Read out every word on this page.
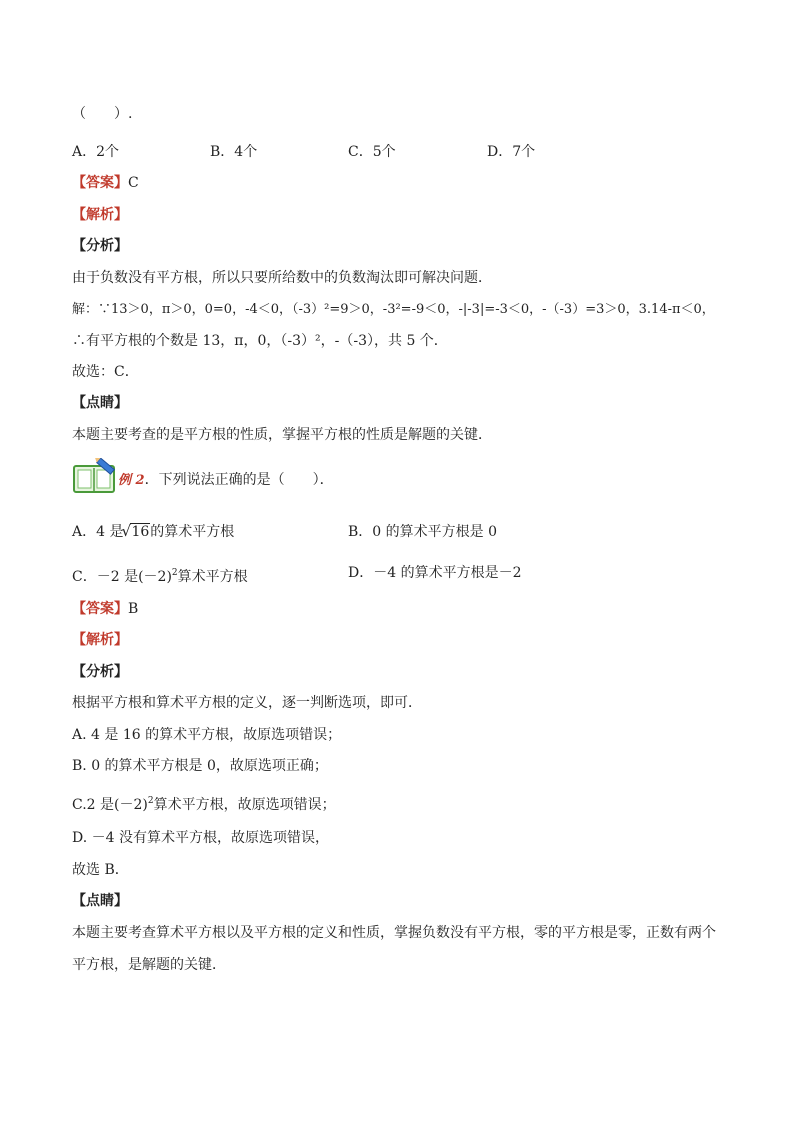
（　　）.
A．2个	B．4个	C．5个	D．7个
【答案】C
【解析】
【分析】
由于负数没有平方根，所以只要所给数中的负数淘汰即可解决问题．
解：∵13＞0，π＞0，0=0，-4＜0，（-3）²=9＞0，-3²=-9＜0，-|-3|=-3＜0，-（-3）=3＞0，3.14-π＜0，
∴有平方根的个数是 13，π，0，（-3）²，-（-3），共 5 个．
故选：C．
【点睛】
本题主要考查的是平方根的性质，掌握平方根的性质是解题的关键．
例 2．下列说法正确的是（　　）．
A．4 是√ 16的算术平方根	B．0 的算术平方根是 0
C．－2 是$(-2)^2$算术平方根	D．－4 的算术平方根是－2
【答案】B
【解析】
【分析】
根据平方根和算术平方根的定义，逐一判断选项，即可．
A. 4 是 16 的算术平方根，故原选项错误；
B. 0 的算术平方根是 0，故原选项正确；
C.2 是$(-2)^2$算术平方根，故原选项错误；
D. －4 没有算术平方根，故原选项错误，
故选 B．
【点睛】
本题主要考查算术平方根以及平方根的定义和性质，掌握负数没有平方根，零的平方根是零，正数有两个
平方根，是解题的关键．
